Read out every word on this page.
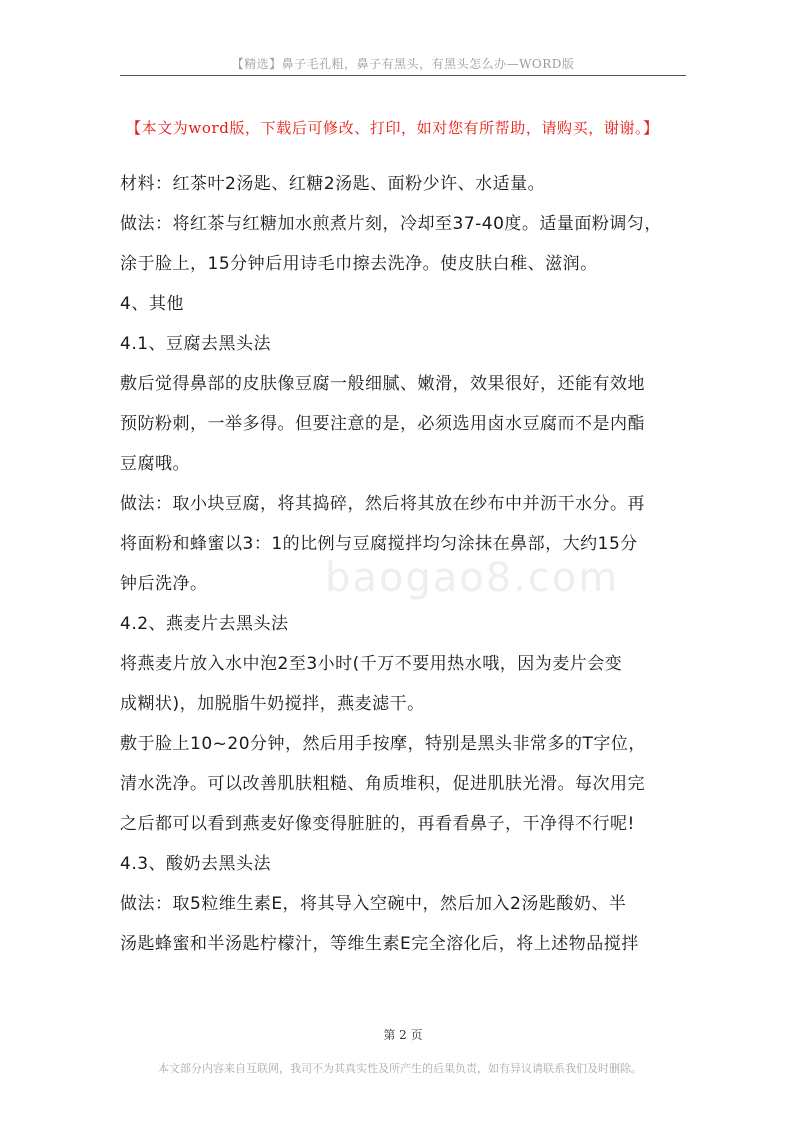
【精选】鼻子毛孔粗，鼻子有黑头，有黑头怎么办—WORD版
【本文为word版，下载后可修改、打印，如对您有所帮助，请购买，谢谢。】
baogao8.com
材料：红茶叶2汤匙、红糖2汤匙、面粉少许、水适量。
做法：将红茶与红糖加水煎煮片刻，冷却至37-40度。适量面粉调匀，
涂于脸上，15分钟后用诗毛巾擦去洗净。使皮肤白稚、滋润。
4、其他
4.1、豆腐去黑头法
敷后觉得鼻部的皮肤像豆腐一般细腻、嫩滑，效果很好，还能有效地
预防粉刺，一举多得。但要注意的是，必须选用卤水豆腐而不是内酯
豆腐哦。
做法：取小块豆腐，将其捣碎，然后将其放在纱布中并沥干水分。再
将面粉和蜂蜜以3：1的比例与豆腐搅拌均匀涂抹在鼻部，大约15分
钟后洗净。
4.2、燕麦片去黑头法
将燕麦片放入水中泡2至3小时(千万不要用热水哦，因为麦片会变
成糊状)，加脱脂牛奶搅拌，燕麦滤干。
敷于脸上10~20分钟，然后用手按摩，特别是黑头非常多的T字位，
清水洗净。可以改善肌肤粗糙、角质堆积，促进肌肤光滑。每次用完
之后都可以看到燕麦好像变得脏脏的，再看看鼻子，干净得不行呢!
4.3、酸奶去黑头法
做法：取5粒维生素E，将其导入空碗中，然后加入2汤匙酸奶、半
汤匙蜂蜜和半汤匙柠檬汁，等维生素E完全溶化后，将上述物品搅拌
第 2 页
本文部分内容来自互联网，我司不为其真实性及所产生的后果负责，如有异议请联系我们及时删除。
